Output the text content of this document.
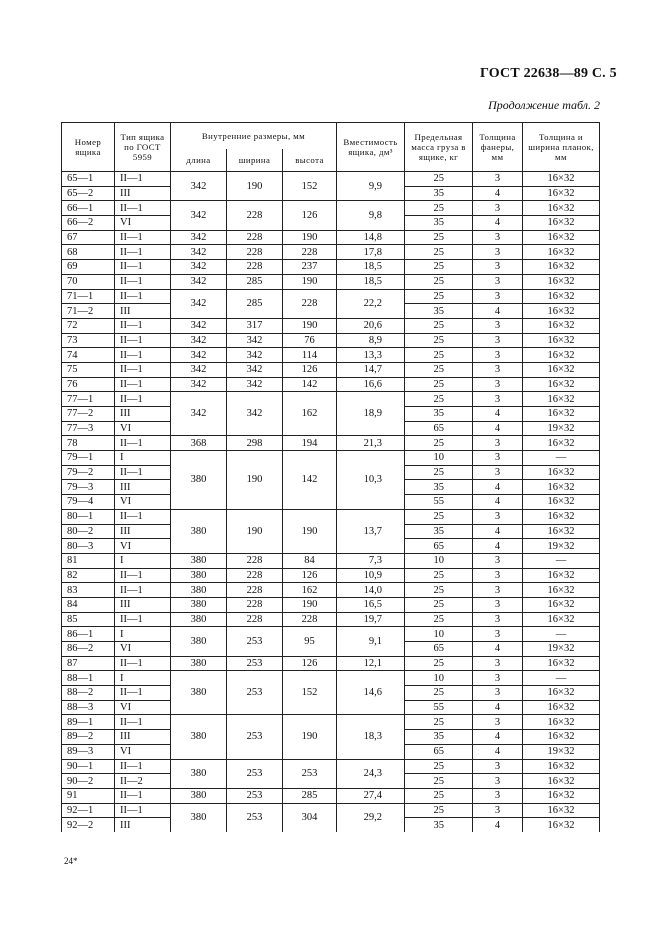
ГОСТ 22638—89 С. 5
Продолжение табл. 2
Номер ящика	Тип ящика по ГОСТ 5959	Внутренние размеры, мм			Вместимость ящика, дм³	Предельная масса груза в ящике, кг	Толщина фанеры, мм	Толщина и ширина планок, мм
		длина	ширина	высота				
65—1	II—1	342	190	152	9,9	25	3	16×32
65—2	III					35	4	16×32
66—1	II—1	342	228	126	9,8	25	3	16×32
66—2	VI					35	4	16×32
67	II—1	342	228	190	14,8	25	3	16×32
68	II—1	342	228	228	17,8	25	3	16×32
69	II—1	342	228	237	18,5	25	3	16×32
70	II—1	342	285	190	18,5	25	3	16×32
71—1	II—1	342	285	228	22,2	25	3	16×32
71—2	III					35	4	16×32
72	II—1	342	317	190	20,6	25	3	16×32
73	II—1	342	342	76	8,9	25	3	16×32
74	II—1	342	342	114	13,3	25	3	16×32
75	II—1	342	342	126	14,7	25	3	16×32
76	II—1	342	342	142	16,6	25	3	16×32
77—1	II—1	342	342	162	18,9	25	3	16×32
77—2	III					35	4	16×32
77—3	VI					65	4	19×32
78	II—1	368	298	194	21,3	25	3	16×32
79—1	I	380	190	142	10,3	10	3	—
79—2	II—1					25	3	16×32
79—3	III					35	4	16×32
79—4	VI					55	4	16×32
80—1	II—1	380	190	190	13,7	25	3	16×32
80—2	III					35	4	16×32
80—3	VI					65	4	19×32
81	I	380	228	84	7,3	10	3	—
82	II—1	380	228	126	10,9	25	3	16×32
83	II—1	380	228	162	14,0	25	3	16×32
84	III	380	228	190	16,5	25	3	16×32
85	II—1	380	228	228	19,7	25	3	16×32
86—1	I	380	253	95	9,1	10	3	—
86—2	VI					65	4	19×32
87	II—1	380	253	126	12,1	25	3	16×32
88—1	I	380	253	152	14,6	10	3	—
88—2	II—1					25	3	16×32
88—3	VI					55	4	16×32
89—1	II—1	380	253	190	18,3	25	3	16×32
89—2	III					35	4	16×32
89—3	VI					65	4	19×32
90—1	II—1	380	253	253	24,3	25	3	16×32
90—2	II—2					25	3	16×32
91	II—1	380	253	285	27,4	25	3	16×32
92—1	II—1	380	253	304	29,2	25	3	16×32
92—2	III					35	4	16×32
24*
